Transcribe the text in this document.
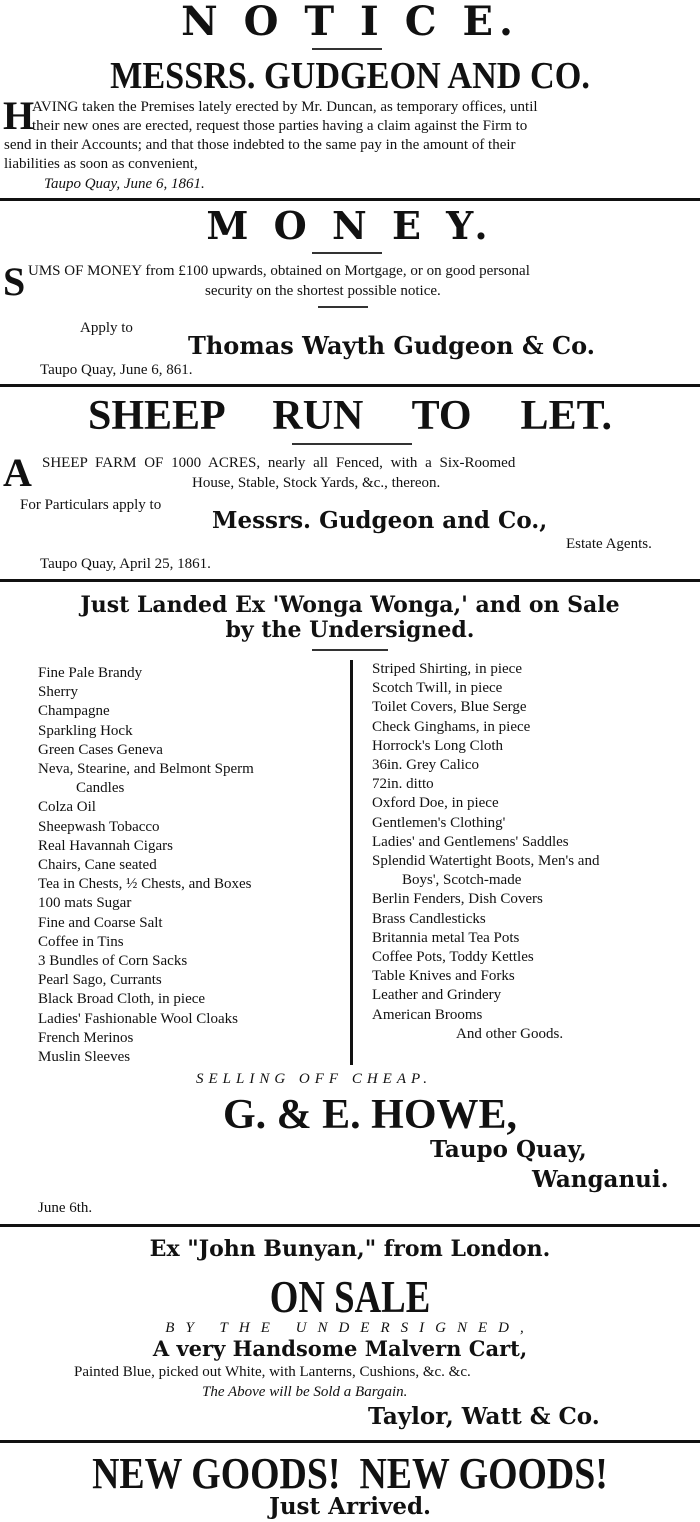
N O T I C E.
MESSRS. GUDGEON AND CO.
H
AVING taken the Premises lately erected by Mr. Duncan, as temporary offices, until
their new ones are erected, request those parties having a claim against the Firm to
send in their Accounts; and that those indebted to the same pay in the amount of their
liabilities as soon as convenient,
Taupo Quay, June 6, 1861.
M O N E Y.
S UMS OF MONEY from £100 upwards, obtained on Mortgage, or on good personal
security on the shortest possible notice.
Apply to
Thomas Wayth Gudgeon & Co.
Taupo Quay, June 6, 861.
SHEEP  RUN  TO  LET.
A SHEEP FARM OF 1000 ACRES, nearly all Fenced, with a Six-Roomed
House, Stable, Stock Yards, &c., thereon.
For Particulars apply to
Messrs. Gudgeon and Co.,
Estate Agents.
Taupo Quay, April 25, 1861.
Just Landed Ex 'Wonga Wonga,' and on Sale
by the Undersigned.
Fine Pale Brandy
Sherry
Champagne
Sparkling Hock
Green Cases Geneva
Neva, Stearine, and Belmont Sperm
Candles
Colza Oil
Sheepwash Tobacco
Real Havannah Cigars
Chairs, Cane seated
Tea in Chests, ½ Chests, and Boxes
100 mats Sugar
Fine and Coarse Salt
Coffee in Tins
3 Bundles of Corn Sacks
Pearl Sago, Currants
Black Broad Cloth, in piece
Ladies' Fashionable Wool Cloaks
French Merinos
Muslin Sleeves
Striped Shirting, in piece
Scotch Twill, in piece
Toilet Covers, Blue Serge
Check Ginghams, in piece
Horrock's Long Cloth
36in. Grey Calico
72in. ditto
Oxford Doe, in piece
Gentlemen's Clothing'
Ladies' and Gentlemens' Saddles
Splendid Watertight Boots, Men's and
Boys', Scotch-made
Berlin Fenders, Dish Covers
Brass Candlesticks
Britannia metal Tea Pots
Coffee Pots, Toddy Kettles
Table Knives and Forks
Leather and Grindery
American Brooms
And other Goods.
SELLING OFF CHEAP.
G. & E. HOWE,
Taupo Quay,
Wanganui.
June 6th.
Ex "John Bunyan," from London.
ON SALE
BY THE UNDERSIGNED,
A very Handsome Malvern Cart,
Painted Blue, picked out White, with Lanterns, Cushions, &c. &c.
The Above will be Sold a Bargain.
Taylor, Watt & Co.
NEW GOODS!  NEW GOODS!
Just Arrived.
